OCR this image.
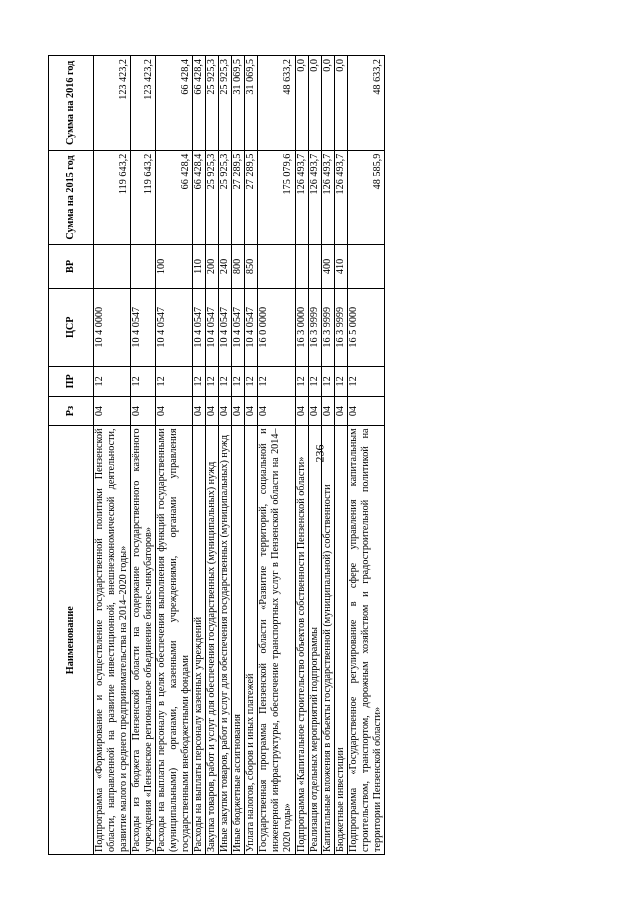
236
Наименование	Рз	ПР	ЦСР	ВР	Сумма на 2015 год	Сумма на 2016 год
Подпрограмма «Формирование и осуществление государственной политики Пензенской области, направленной на развитие инвестиционной, внешнеэкономической деятельности, развитие малого и среднего предпринимательства на 2014–2020 годы»	04	12	10 4 0000		119 643,2	123 423,2
Расходы из бюджета Пензенской области на содержание государственного казённого учреждения «Пензенское региональное объединение бизнес-инкубаторов»	04	12	10 4 0547		119 643,2	123 423,2
Расходы на выплаты персоналу в целях обеспечения выполнения функций государственными (муниципальными) органами, казенными учреждениями, органами управления государственными внебюджетными фондами	04	12	10 4 0547	100	66 428,4	66 428,4
Расходы на выплаты персоналу казенных учреждений	04	12	10 4 0547	110	66 428,4	66 428,4
Закупка товаров, работ и услуг для обеспечения государственных (муниципальных) нужд	04	12	10 4 0547	200	25 925,3	25 925,3
Иные закупки товаров, работ и услуг для обеспечения государственных (муниципальных) нужд	04	12	10 4 0547	240	25 925,3	25 925,3
Иные бюджетные ассигнования	04	12	10 4 0547	800	27 289,5	31 069,5
Уплата налогов, сборов и иных платежей	04	12	10 4 0547	850	27 289,5	31 069,5
Государственная программа Пензенской области «Развитие территорий, социальной и инженерной инфраструктуры, обеспечение транспортных услуг в Пензенской области на 2014–2020 годы»	04	12	16 0 0000		175 079,6	48 633,2
Подпрограмма «Капитальное строительство объектов собственности Пензенской области»	04	12	16 3 0000		126 493,7	0,0
Реализация отдельных мероприятий подпрограммы	04	12	16 3 9999		126 493,7	0,0
Капитальные вложения в объекты государственной (муниципальной) собственности	04	12	16 3 9999	400	126 493,7	0,0
Бюджетные инвестиции	04	12	16 3 9999	410	126 493,7	0,0
Подпрограмма «Государственное регулирование в сфере управления капитальным строительством, транспортом, дорожным хозяйством и градостроительной политикой на территории Пензенской области»	04	12	16 5 0000		48 585,9	48 633,2
